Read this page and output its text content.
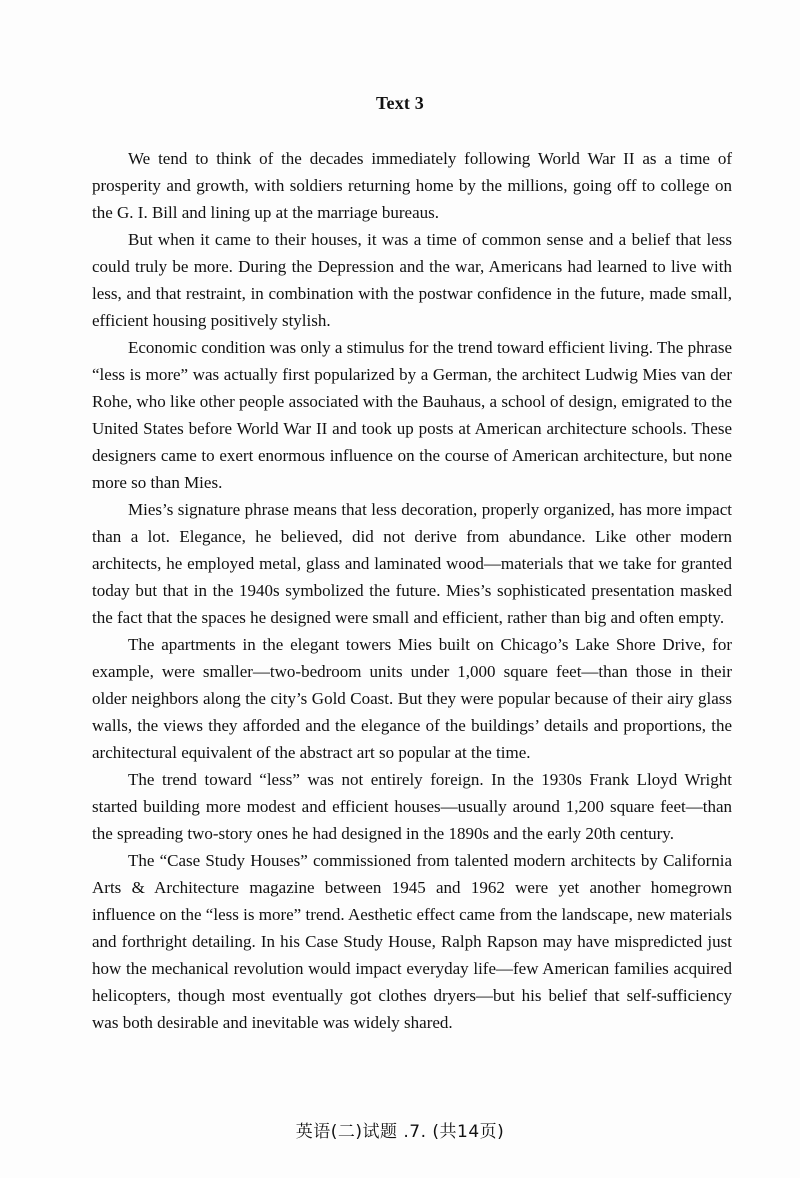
Text 3

We tend to think of the decades immediately following World War II as a time of prosperity and growth, with soldiers returning home by the millions, going off to college on the G. I. Bill and lining up at the marriage bureaus.

But when it came to their houses, it was a time of common sense and a belief that less could truly be more. During the Depression and the war, Americans had learned to live with less, and that restraint, in combination with the postwar confidence in the future, made small, efficient housing positively stylish.

Economic condition was only a stimulus for the trend toward efficient living. The phrase “less is more” was actually first popularized by a German, the architect Ludwig Mies van der Rohe, who like other people associated with the Bauhaus, a school of design, emigrated to the United States before World War II and took up posts at American architecture schools. These designers came to exert enormous influence on the course of American architecture, but none more so than Mies.

Mies’s signature phrase means that less decoration, properly organized, has more impact than a lot. Elegance, he believed, did not derive from abundance. Like other modern architects, he employed metal, glass and laminated wood—materials that we take for granted today but that in the 1940s symbolized the future. Mies’s sophisticated presentation masked the fact that the spaces he designed were small and efficient, rather than big and often empty.

The apartments in the elegant towers Mies built on Chicago’s Lake Shore Drive, for example, were smaller—two-bedroom units under 1,000 square feet—than those in their older neighbors along the city’s Gold Coast. But they were popular because of their airy glass walls, the views they afforded and the elegance of the buildings’ details and proportions, the architectural equivalent of the abstract art so popular at the time.

The trend toward “less” was not entirely foreign. In the 1930s Frank Lloyd Wright started building more modest and efficient houses—usually around 1,200 square feet—than the spreading two-story ones he had designed in the 1890s and the early 20th century.

The “Case Study Houses” commissioned from talented modern architects by California Arts & Architecture magazine between 1945 and 1962 were yet another homegrown influence on the “less is more” trend. Aesthetic effect came from the landscape, new materials and forthright detailing. In his Case Study House, Ralph Rapson may have mispredicted just how the mechanical revolution would impact everyday life—few American families acquired helicopters, though most eventually got clothes dryers—but his belief that self-sufficiency was both desirable and inevitable was widely shared.

英语(二)试题 .7. (共14页)
